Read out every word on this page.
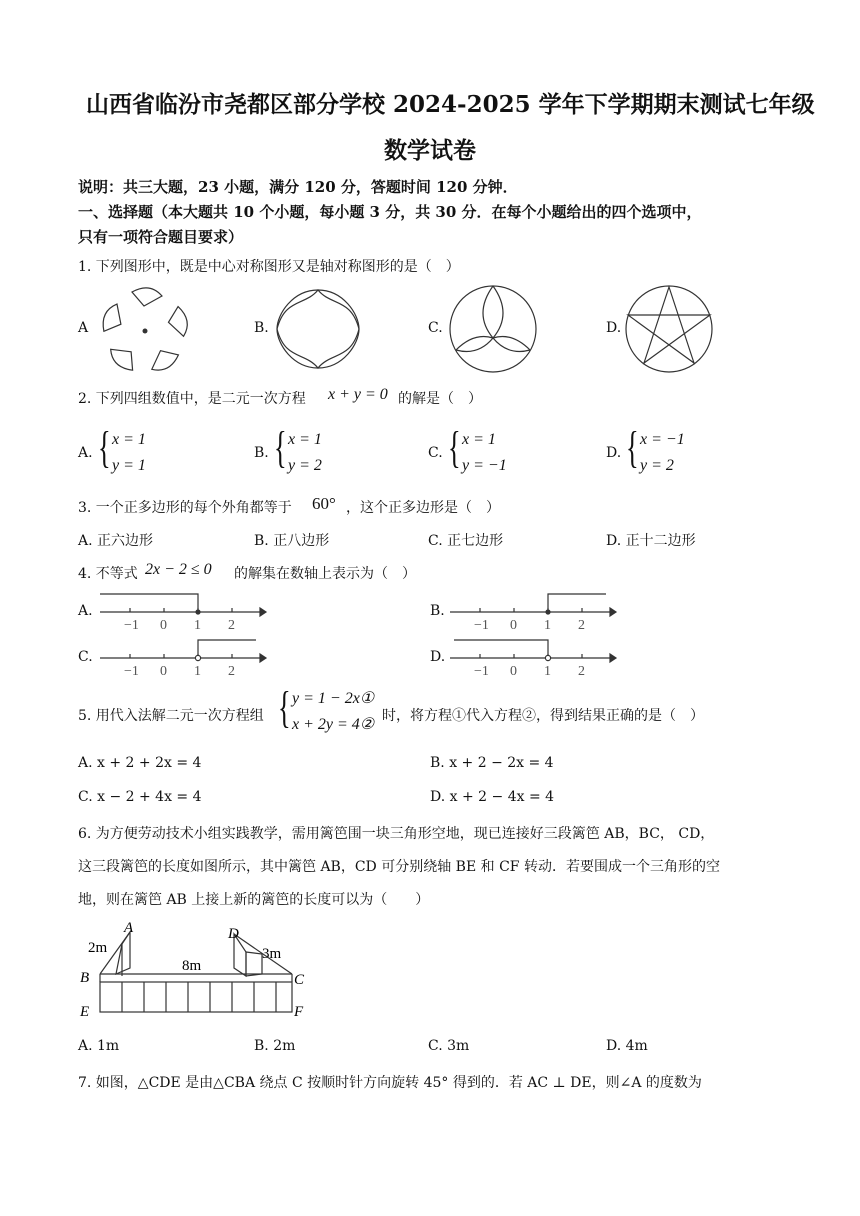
山西省临汾市尧都区部分学校 2024-2025 学年下学期期末测试七年级
数学试卷
说明：共三大题，23 小题，满分 120 分，答题时间 120 分钟．
一、选择题（本大题共 10 个小题，每小题 3 分，共 30 分．在每个小题给出的四个选项中，
只有一项符合题目要求）
1. 下列图形中，既是中心对称图形又是轴对称图形的是（　）
A	B.	C.	D.
2. 下列四组数值中，是二元一次方程 x + y = 0 的解是（　）
A. { x = 1
y = 1
B. { x = 1
y = 2
C. { x = 1
y = −1
D. { x = −1
y = 2
3. 一个正多边形的每个外角都等于 60° ，这个正多边形是（　）
A. 正六边形	B. 正八边形	C. 正七边形	D. 正十二边形
4. 不等式 2x − 2 ≤ 0 的解集在数轴上表示为（　）
A.	B.
C.	D.
−1 0 1 2	−1 0 1 2
−1 0 1 2	−1 0 1 2
5. 用代入法解二元一次方程组 { y = 1 − 2x①
x + 2y = 4② 时，将方程①代入方程②，得到结果正确的是（　）
A. x + 2 + 2x = 4	B. x + 2 − 2x = 4
C. x − 2 + 4x = 4	D. x + 2 − 4x = 4
6. 为方便劳动技术小组实践教学，需用篱笆围一块三角形空地，现已连接好三段篱笆 AB，BC， CD，
这三段篱笆的长度如图所示，其中篱笆 AB，CD 可分别绕轴 BE 和 CF 转动．若要围成一个三角形的空
地，则在篱笆 AB 上接上新的篱笆的长度可以为（　　）
A	D
B	C
E	F
2m
8m
3m
A. 1m	B. 2m	C. 3m	D. 4m
7. 如图，△CDE 是由△CBA 绕点 C 按顺时针方向旋转 45° 得到的．若 AC ⊥ DE，则∠A 的度数为
